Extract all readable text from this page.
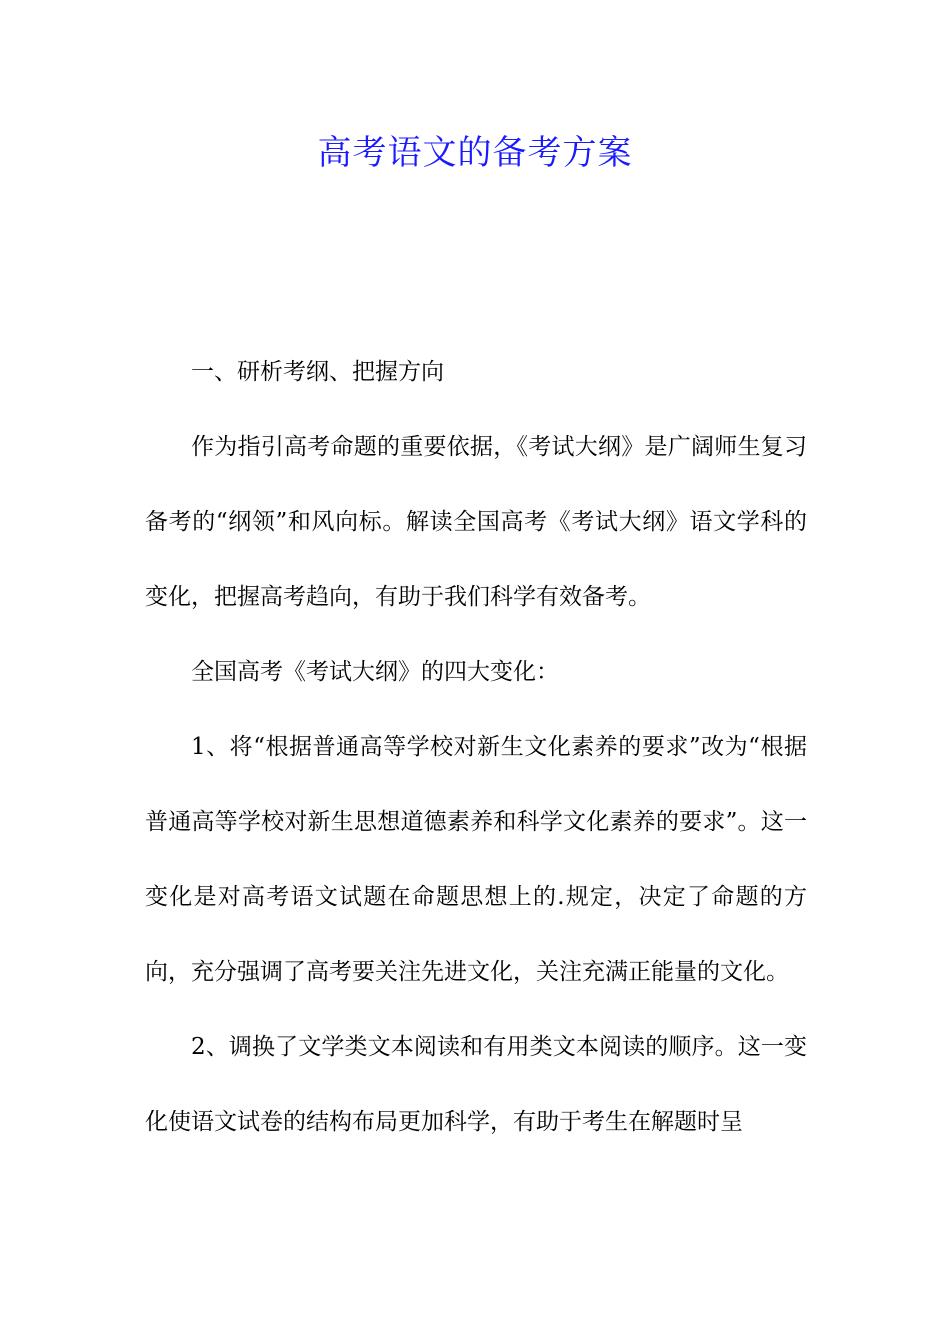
高考语文的备考方案

一、研析考纲、把握方向

作为指引高考命题的重要依据，《考试大纲》是广阔师生复习备考的“纲领”和风向标。解读全国高考《考试大纲》语文学科的变化，把握高考趋向，有助于我们科学有效备考。

全国高考《考试大纲》的四大变化：

1、将“根据普通高等学校对新生文化素养的要求”改为“根据普通高等学校对新生思想道德素养和科学文化素养的要求”。这一变化是对高考语文试题在命题思想上的.规定，决定了命题的方向，充分强调了高考要关注先进文化，关注充满正能量的文化。

2、调换了文学类文本阅读和有用类文本阅读的顺序。这一变化使语文试卷的结构布局更加科学，有助于考生在解题时呈
